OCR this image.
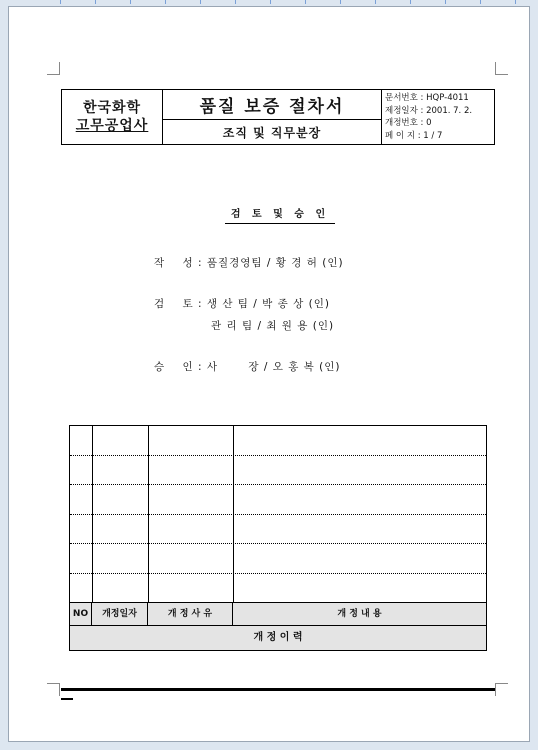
한국화학
고무공업사
품질 보증 절차서
조직 및 직무분장
문서번호 : HQP-4011
제정일자 : 2001. 7. 2.
개정번호 : 0
페 이 지 : 1 / 7
검 토 및 승 인
작    성 : 품질경영팀 / 황 경 허 (인)
검    토 : 생 산 팀 / 박 종 상 (인)
관 리 팀 / 최 원 용 (인)
승    인 : 사       장 / 오 홍 복 (인)
NO	개정일자	개 정 사 유	개 정 내 용
개 정 이 력
